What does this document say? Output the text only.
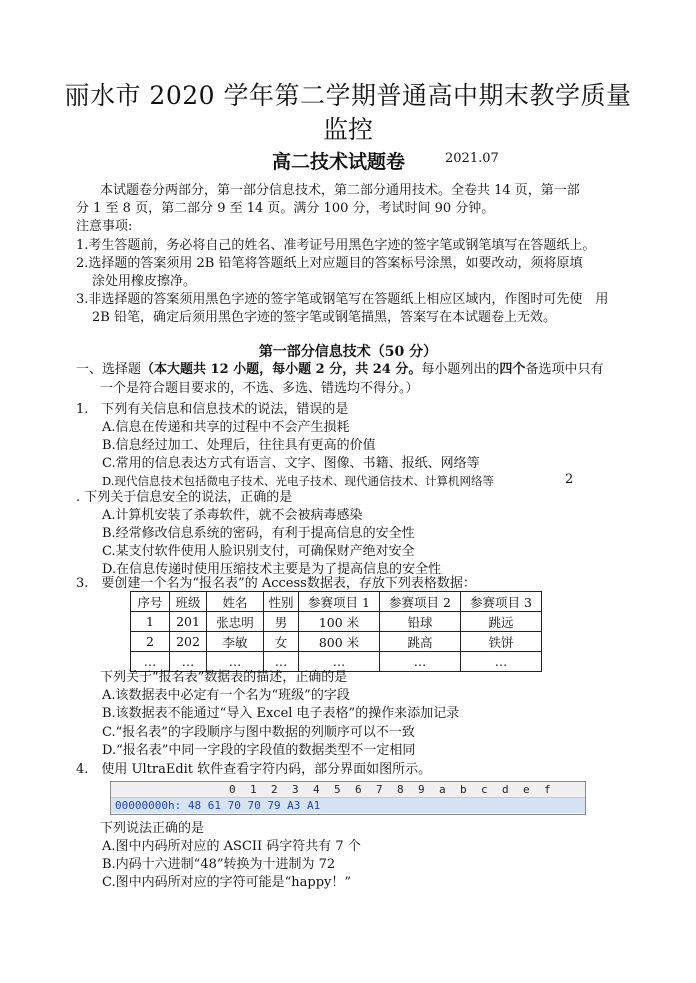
丽水市 2020 学年第二学期普通高中期末教学质量
监控
高二技术试题卷	2021.07
本试题卷分两部分，第一部分信息技术，第二部分通用技术。全卷共 14 页，第一部
分 1 至 8 页，第二部分 9 至 14 页。满分 100 分，考试时间 90 分钟。
注意事项:
1.考生答题前，务必将自己的姓名、准考证号用黑色字迹的签字笔或钢笔填写在答题纸上。
2.选择题的答案须用 2B 铅笔将答题纸上对应题目的答案标号涂黑，如要改动，须将原填
涂处用橡皮擦净。
3.非选择题的答案须用黑色字迹的签字笔或钢笔写在答题纸上相应区域内，作图时可先使　用
2B 铅笔，确定后须用黑色字迹的签字笔或钢笔描黑，答案写在本试题卷上无效。
第一部分信息技术（50 分）
一、选择题（本大题共 12 小题，每小题 2 分，共 24 分。每小题列出的四个备选项中只有
一个是符合题目要求的，不选、多选、错选均不得分。）
1.　下列有关信息和信息技术的说法，错误的是
A.信息在传递和共享的过程中不会产生损耗
B.信息经过加工、处理后，往往具有更高的价值
C.常用的信息表达方式有语言、文字、图像、书籍、报纸、网络等
D.现代信息技术包括微电子技术、光电子技术、现代通信技术、计算机网络等	2
. 下列关于信息安全的说法，正确的是
A.计算机安装了杀毒软件，就不会被病毒感染
B.经常修改信息系统的密码，有利于提高信息的安全性
C.某支付软件使用人脸识别支付，可确保财产绝对安全
D.在信息传递时使用压缩技术主要是为了提高信息的安全性
3.　要创建一个名为“报名表”的 Access数据表，存放下列表格数据：
序号	班级	姓名	性别	参赛项目 1	参赛项目 2	参赛项目 3
1	201	张忠明	男	100 米	铅球	跳远
2	202	李敏	女	800 米	跳高	铁饼
…	…	…	…	…	…	…
下列关于“报名表”数据表的描述，正确的是
A.该数据表中必定有一个名为“班级”的字段
B.该数据表不能通过“导入 Excel 电子表格”的操作来添加记录
C.“报名表”的字段顺序与图中数据的列顺序可以不一致
D.“报名表”中同一字段的字段值的数据类型不一定相同
4.　使用 UltraEdit 软件查看字符内码，部分界面如图所示。
0 1 2 3 4 5 6 7 8 9 a b c d e f
00000000h: 48 61 70 70 79 A3 A1
下列说法正确的是
A.图中内码所对应的 ASCII 码字符共有 7 个
B.内码十六进制“48”转换为十进制为 72
C.图中内码所对应的字符可能是“happy！”
